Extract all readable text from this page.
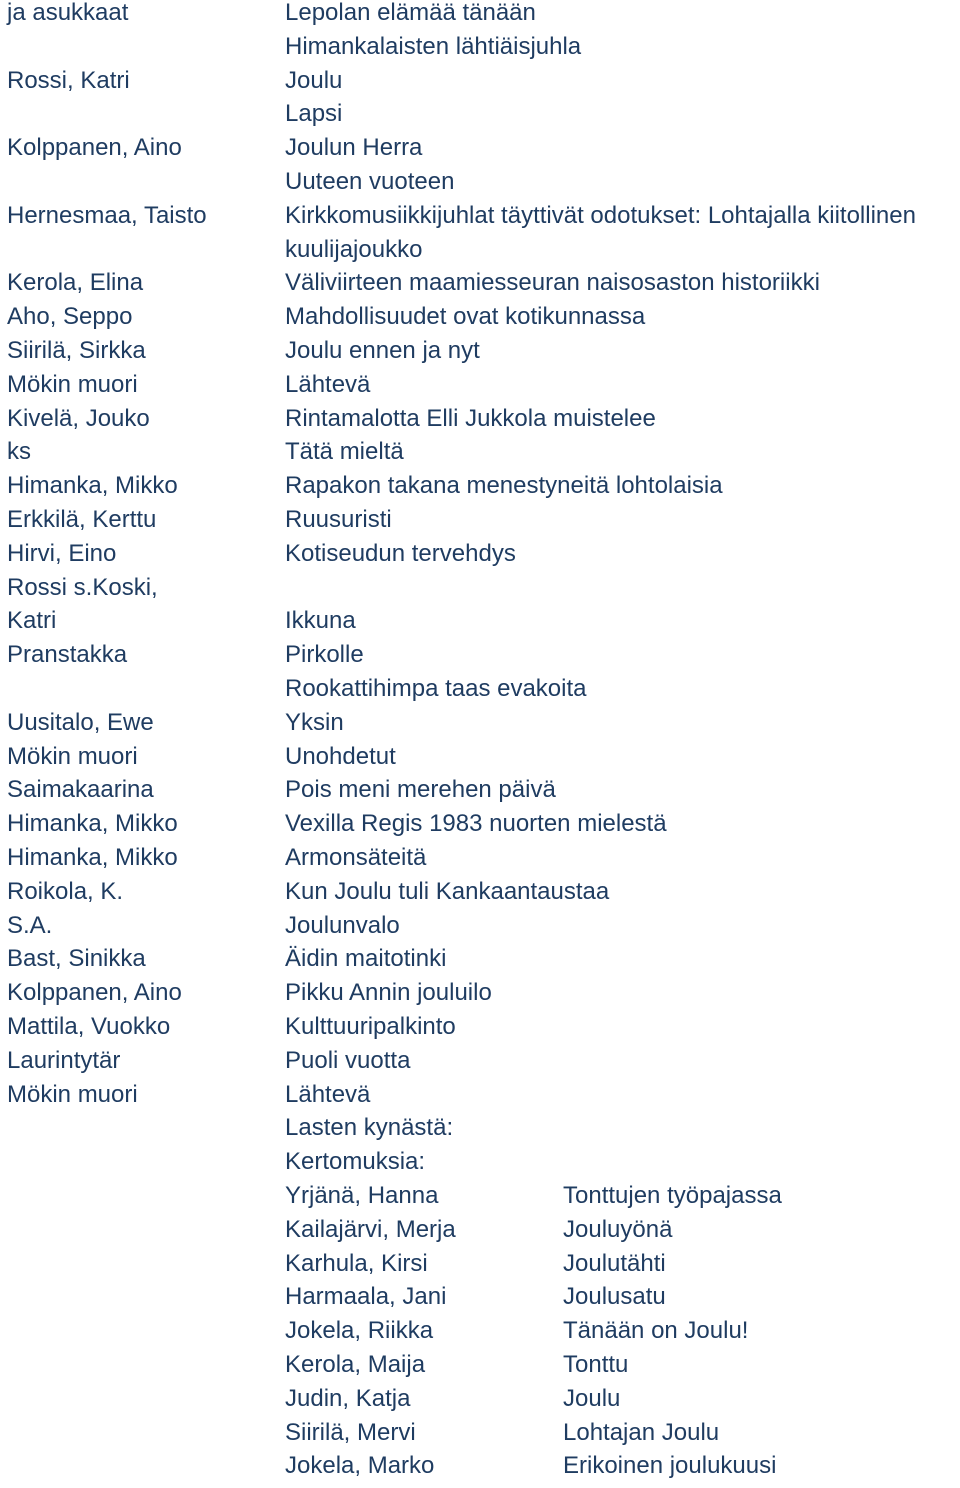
ja asukkaat	Lepolan elämää tänään
Himankalaisten lähtiäisjuhla
Rossi, Katri	Joulu
Lapsi
Kolppanen, Aino	Joulun Herra
Uuteen vuoteen
Hernesmaa, Taisto	Kirkkomusiikkijuhlat täyttivät odotukset: Lohtajalla kiitollinen kuulijajoukko
Kerola, Elina	Väliviirteen maamiesseuran naisosaston historiikki
Aho, Seppo	Mahdollisuudet ovat kotikunnassa
Siirilä, Sirkka	Joulu ennen ja nyt
Mökin muori	Lähtevä
Kivelä, Jouko	Rintamalotta Elli Jukkola muistelee
ks	Tätä mieltä
Himanka, Mikko	Rapakon takana menestyneitä lohtolaisia
Erkkilä, Kerttu	Ruusuristi
Hirvi, Eino	Kotiseudun tervehdys
Rossi s.Koski,
Katri	Ikkuna
Pranstakka	Pirkolle
Rookattihimpa taas evakoita
Uusitalo, Ewe	Yksin
Mökin muori	Unohdetut
Saimakaarina	Pois meni merehen päivä
Himanka, Mikko	Vexilla Regis 1983 nuorten mielestä
Himanka, Mikko	Armonsäteitä
Roikola, K.	Kun Joulu tuli Kankaantaustaa
S.A.	Joulunvalo
Bast, Sinikka	Äidin maitotinki
Kolppanen, Aino	Pikku Annin jouluilo
Mattila, Vuokko	Kulttuuripalkinto
Laurintytär	Puoli vuotta
Mökin muori	Lähtevä
Lasten kynästä:
Kertomuksia:
Yrjänä, Hanna	Tonttujen työpajassa
Kailajärvi, Merja	Jouluyönä
Karhula, Kirsi	Joulutähti
Harmaala, Jani	Joulusatu
Jokela, Riikka	Tänään on Joulu!
Kerola, Maija	Tonttu
Judin, Katja	Joulu
Siirilä, Mervi	Lohtajan Joulu
Jokela, Marko	Erikoinen joulukuusi
